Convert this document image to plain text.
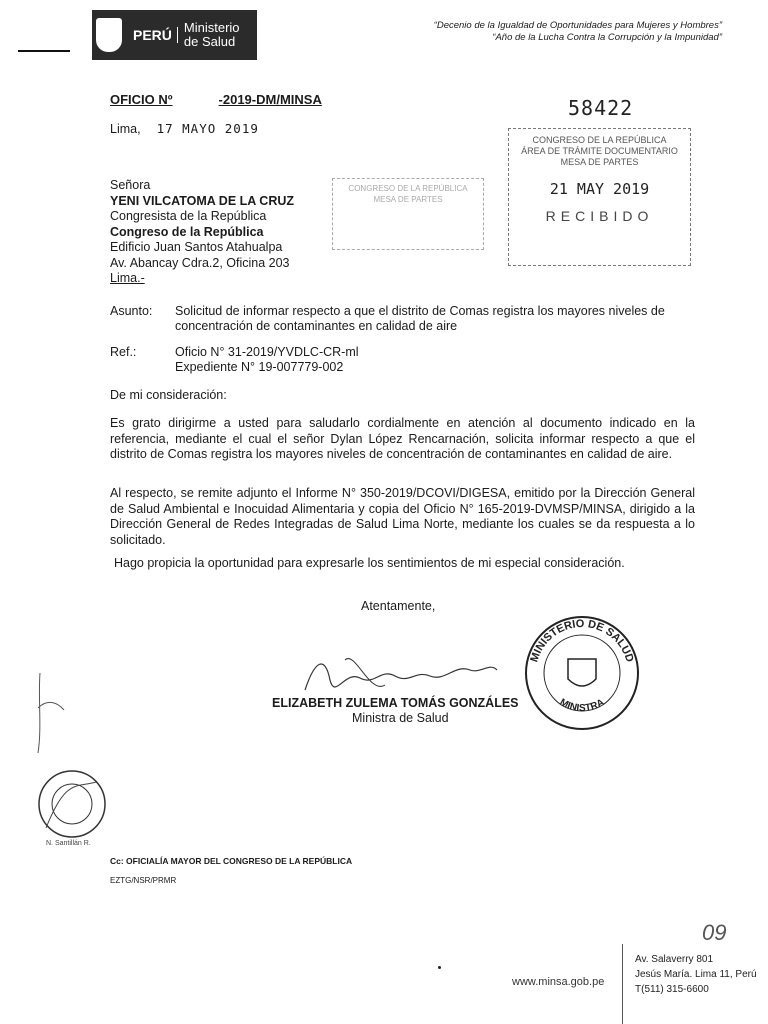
PERÚ Ministerio
de Salud
“Decenio de la Igualdad de Oportunidades para Mujeres y Hombres”
“Año de la Lucha Contra la Corrupción y la Impunidad”
OFICIO Nº	-2019-DM/MINSA	58422
Lima, 17 MAYO 2019
CONGRESO DE LA REPÚBLICA
ÁREA DE TRÁMITE DOCUMENTARIO
MESA DE PARTES
21 MAY 2019
RECIBIDO
CONGRESO DE LA REPÚBLICA
MESA DE PARTES
Señora
YENI VILCATOMA DE LA CRUZ
Congresista de la República
Congreso de la República
Edificio Juan Santos Atahualpa
Av. Abancay Cdra.2, Oficina 203
Lima.-
Asunto: Solicitud de informar respecto a que el distrito de Comas registra los mayores niveles de concentración de contaminantes en calidad de aire
Ref.:	Oficio N° 31-2019/YVDLC-CR-ml
Expediente N° 19-007779-002
De mi consideración:
Es grato dirigirme a usted para saludarlo cordialmente en atención al documento indicado en la referencia, mediante el cual el señor Dylan López Rencarnación, solicita informar respecto a que el distrito de Comas registra los mayores niveles de concentración de contaminantes en calidad de aire.
Al respecto, se remite adjunto el Informe N° 350-2019/DCOVI/DIGESA, emitido por la Dirección General de Salud Ambiental e Inocuidad Alimentaria y copia del Oficio N° 165-2019-DVMSP/MINSA, dirigido a la Dirección General de Redes Integradas de Salud Lima Norte, mediante los cuales se da respuesta a lo solicitado.
Hago propicia la oportunidad para expresarle los sentimientos de mi especial consideración.
Atentamente,
MINISTERIO DE SALUD
MINISTRA
ELIZABETH ZULEMA TOMÁS GONZÁLES
Ministra de Salud
N. Santillán R.
Cc: OFICIALÍA MAYOR DEL CONGRESO DE LA REPÚBLICA
EZTG/NSR/PRMR
09
www.minsa.gob.pe
Av. Salaverry 801
Jesús María. Lima 11, Perú
T(511) 315-6600
